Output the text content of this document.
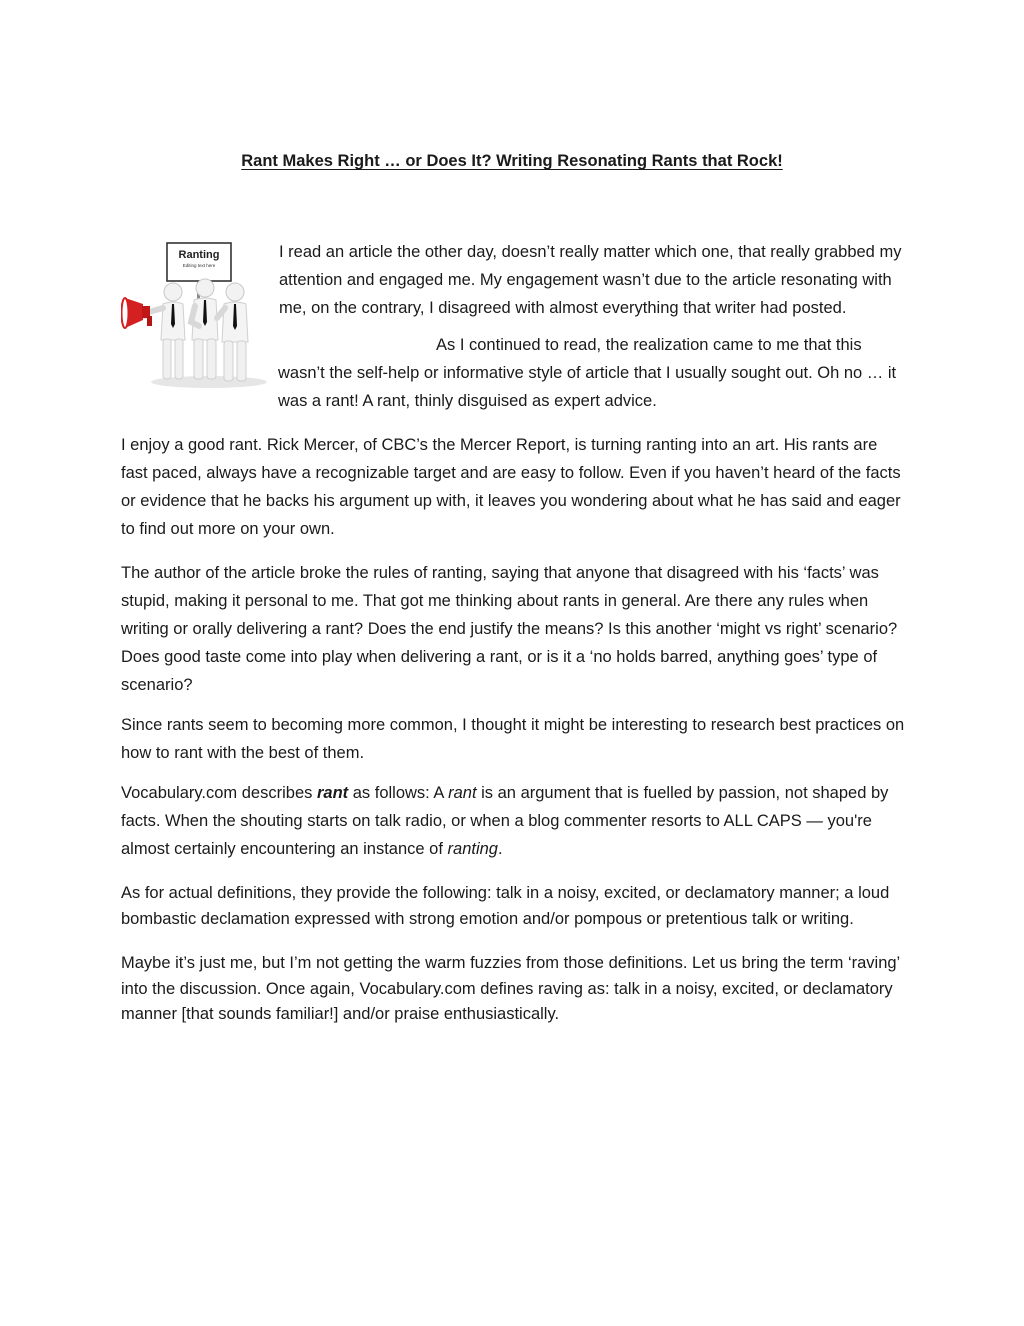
Rant Makes Right … or Does It? Writing Resonating Rants that Rock!
Ranting
Editing text here

I read an article the other day, doesn’t really matter which one, that really grabbed my attention and engaged me. My engagement wasn’t due to the article resonating with me, on the contrary, I disagreed with almost everything that writer had posted.

As I continued to read, the realization came to me that this wasn’t the self-help or informative style of article that I usually sought out. Oh no … it was a rant! A rant, thinly disguised as expert advice.

I enjoy a good rant. Rick Mercer, of CBC’s the Mercer Report, is turning ranting into an art. His rants are fast paced, always have a recognizable target and are easy to follow. Even if you haven’t heard of the facts or evidence that he backs his argument up with, it leaves you wondering about what he has said and eager to find out more on your own.

The author of the article broke the rules of ranting, saying that anyone that disagreed with his ‘facts’ was stupid, making it personal to me. That got me thinking about rants in general. Are there any rules when writing or orally delivering a rant? Does the end justify the means? Is this another ‘might vs right’ scenario? Does good taste come into play when delivering a rant, or is it a ‘no holds barred, anything goes’ type of scenario?

Since rants seem to becoming more common, I thought it might be interesting to research best practices on how to rant with the best of them.

Vocabulary.com describes rant as follows: A rant is an argument that is fuelled by passion, not shaped by facts. When the shouting starts on talk radio, or when a blog commenter resorts to ALL CAPS — you're almost certainly encountering an instance of ranting.

As for actual definitions, they provide the following: talk in a noisy, excited, or declamatory manner; a loud bombastic declamation expressed with strong emotion and/or pompous or pretentious talk or writing.

Maybe it’s just me, but I’m not getting the warm fuzzies from those definitions. Let us bring the term ‘raving’ into the discussion. Once again, Vocabulary.com defines raving as: talk in a noisy, excited, or declamatory manner [that sounds familiar!] and/or praise enthusiastically.
